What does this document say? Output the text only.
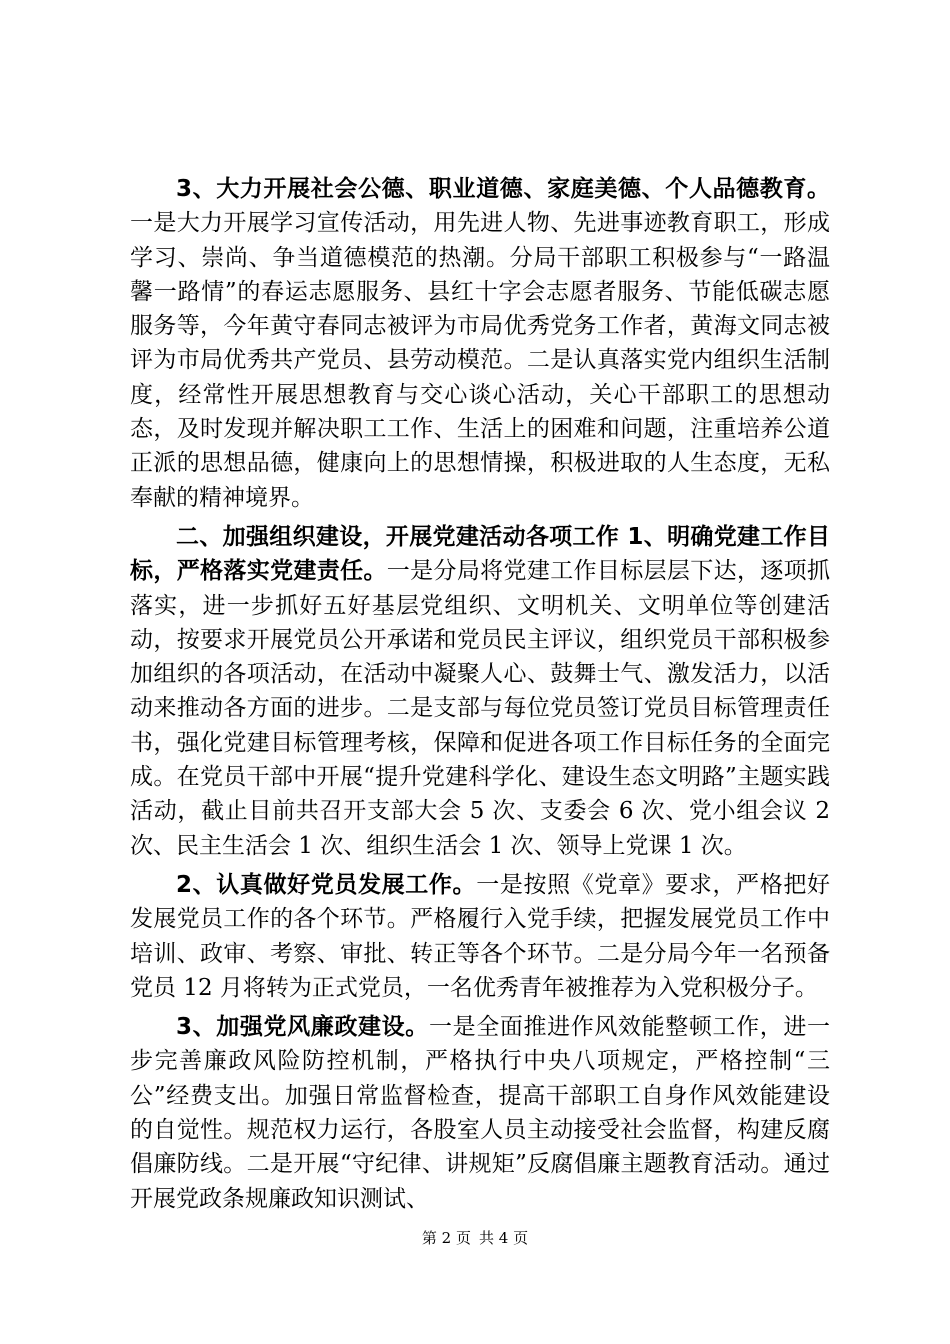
3、大力开展社会公德、职业道德、家庭美德、个人品德教育。一是大力开展学习宣传活动，用先进人物、先进事迹教育职工，形成学习、崇尚、争当道德模范的热潮。分局干部职工积极参与“一路温馨一路情”的春运志愿服务、县红十字会志愿者服务、节能低碳志愿服务等，今年黄守春同志被评为市局优秀党务工作者，黄海文同志被评为市局优秀共产党员、县劳动模范。二是认真落实党内组织生活制度，经常性开展思想教育与交心谈心活动，关心干部职工的思想动态，及时发现并解决职工工作、生活上的困难和问题，注重培养公道正派的思想品德，健康向上的思想情操，积极进取的人生态度，无私奉献的精神境界。

二、加强组织建设，开展党建活动各项工作 1、明确党建工作目标，严格落实党建责任。一是分局将党建工作目标层层下达，逐项抓落实，进一步抓好五好基层党组织、文明机关、文明单位等创建活动，按要求开展党员公开承诺和党员民主评议，组织党员干部积极参加组织的各项活动，在活动中凝聚人心、鼓舞士气、激发活力，以活动来推动各方面的进步。二是支部与每位党员签订党员目标管理责任书，强化党建目标管理考核，保障和促进各项工作目标任务的全面完成。在党员干部中开展“提升党建科学化、建设生态文明路”主题实践活动，截止目前共召开支部大会 5 次、支委会 6 次、党小组会议 2 次、民主生活会 1 次、组织生活会 1 次、领导上党课 1 次。

2、认真做好党员发展工作。一是按照《党章》要求，严格把好发展党员工作的各个环节。严格履行入党手续，把握发展党员工作中培训、政审、考察、审批、转正等各个环节。二是分局今年一名预备党员 12 月将转为正式党员，一名优秀青年被推荐为入党积极分子。

3、加强党风廉政建设。一是全面推进作风效能整顿工作，进一步完善廉政风险防控机制，严格执行中央八项规定，严格控制“三公”经费支出。加强日常监督检查，提高干部职工自身作风效能建设的自觉性。规范权力运行，各股室人员主动接受社会监督，构建反腐倡廉防线。二是开展“守纪律、讲规矩”反腐倡廉主题教育活动。通过开展党政条规廉政知识测试、

第 2 页 共 4 页
